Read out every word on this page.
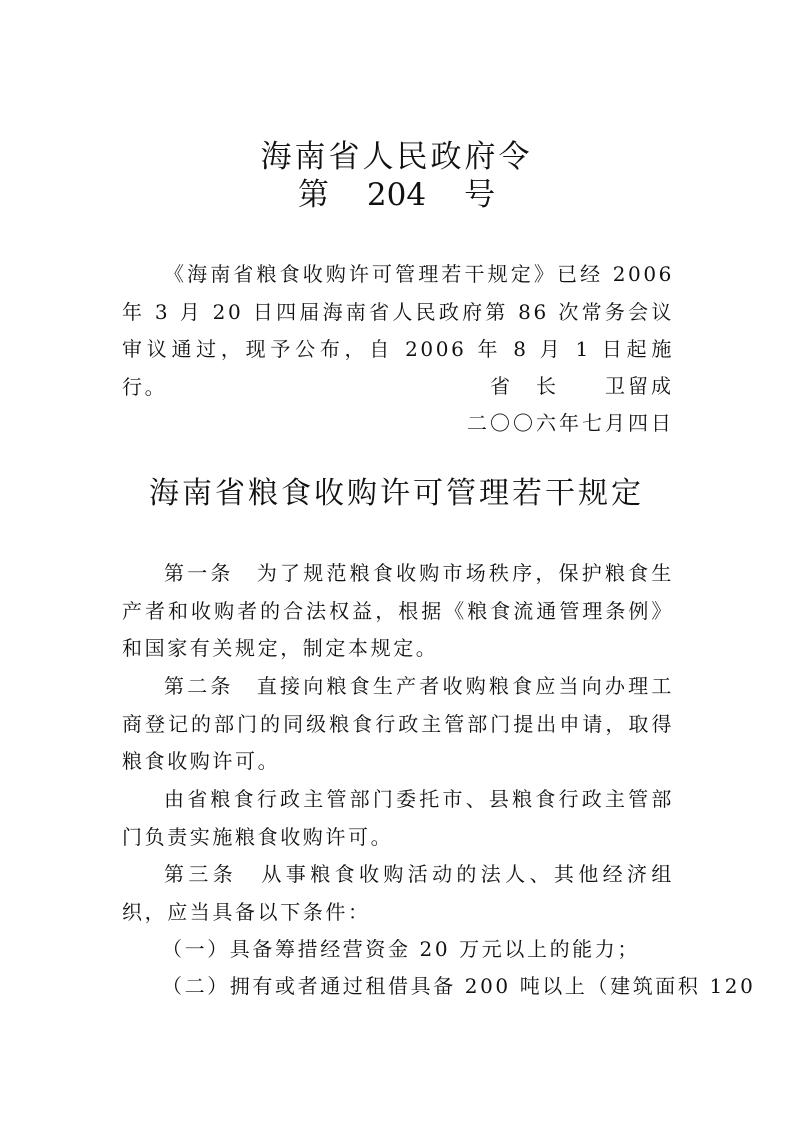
海南省人民政府令
第 204 号

《海南省粮食收购许可管理若干规定》已经 2006 年 3 月 20 日四届海南省人民政府第 86 次常务会议审议通过，现予公布，自 2006 年 8 月 1 日起施行。	省　长　　卫留成

二〇〇六年七月四日

海南省粮食收购许可管理若干规定

第一条　为了规范粮食收购市场秩序，保护粮食生产者和收购者的合法权益，根据《粮食流通管理条例》和国家有关规定，制定本规定。

第二条　直接向粮食生产者收购粮食应当向办理工商登记的部门的同级粮食行政主管部门提出申请，取得粮食收购许可。

由省粮食行政主管部门委托市、县粮食行政主管部门负责实施粮食收购许可。

第三条　从事粮食收购活动的法人、其他经济组织，应当具备以下条件：

（一）具备筹措经营资金 20 万元以上的能力；

（二）拥有或者通过租借具备 200 吨以上（建筑面积 120
